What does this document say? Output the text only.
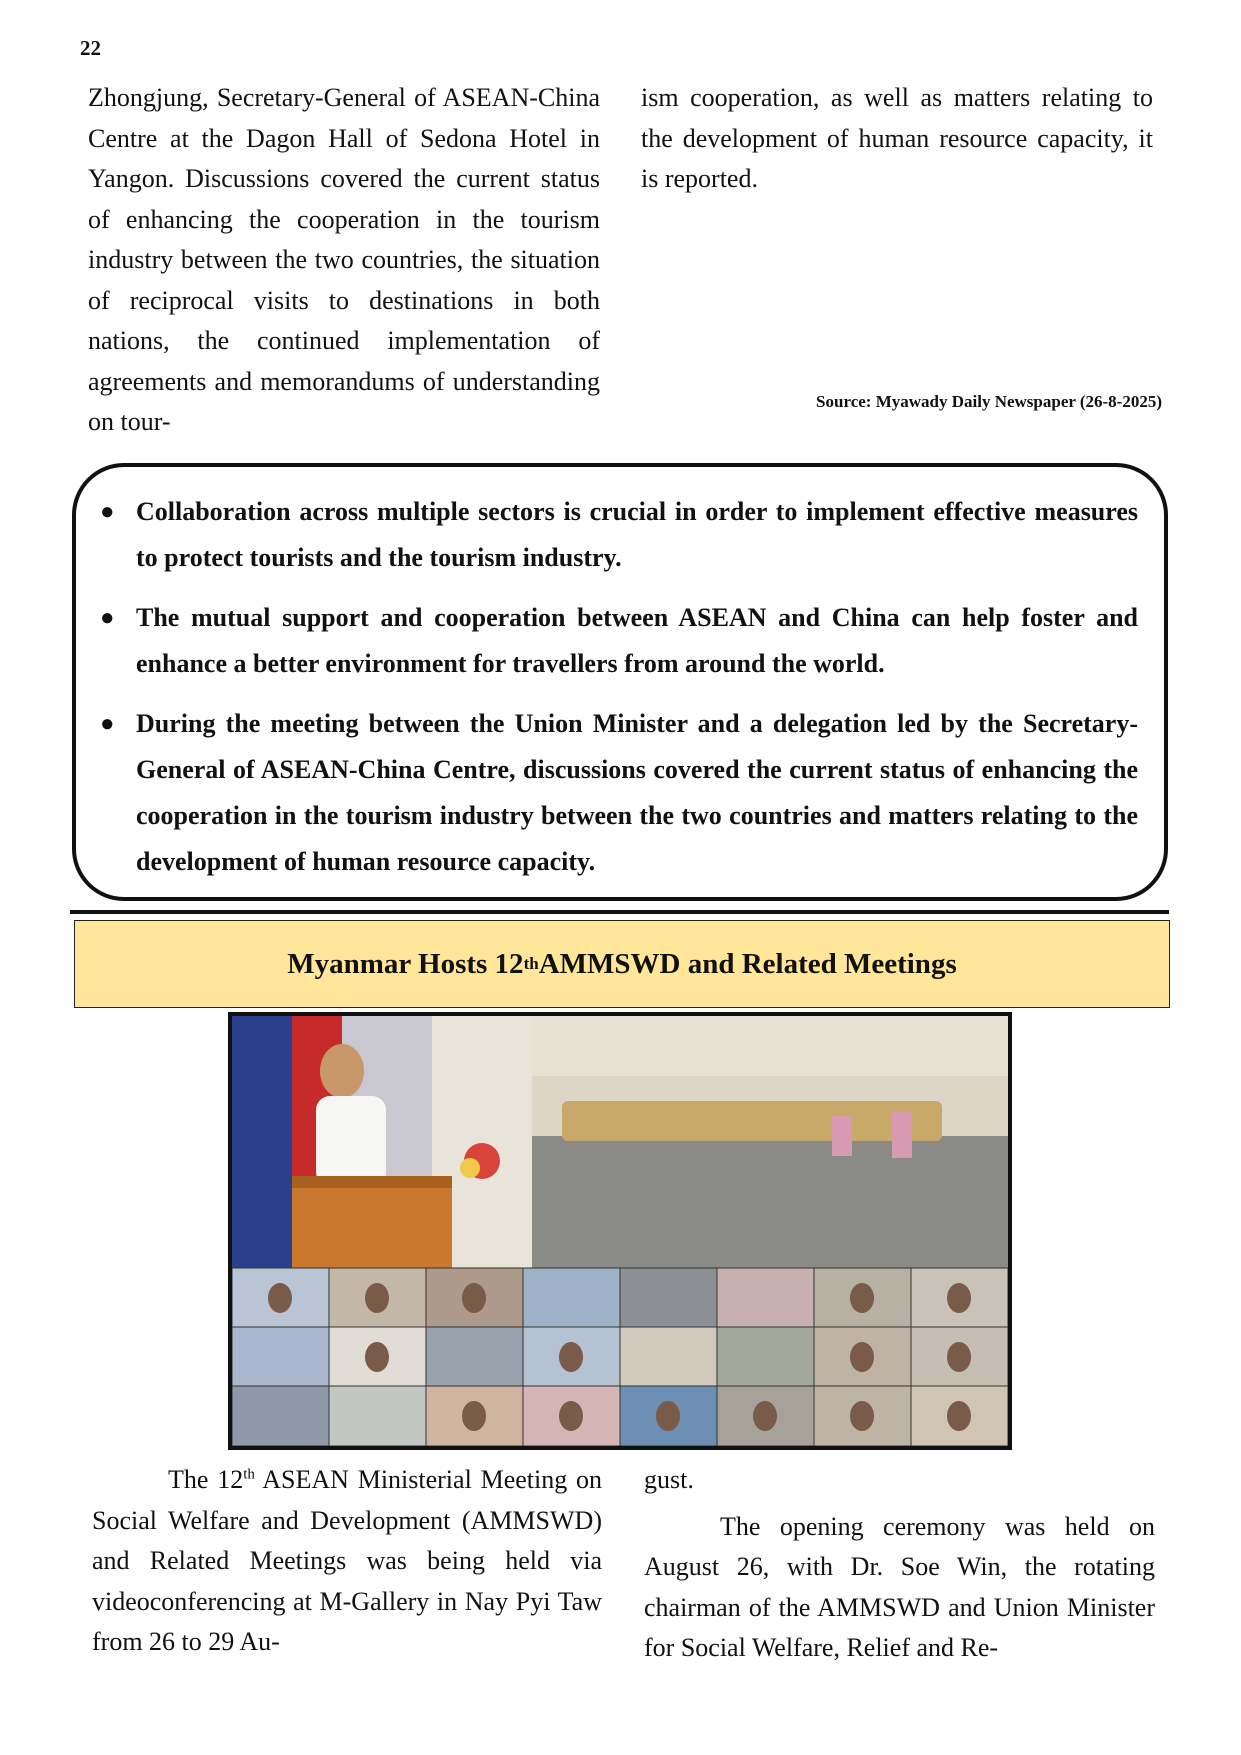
22

Zhongjung, Secretary-General of ASEAN-China Centre at the Dagon Hall of Sedona Hotel in Yangon. Discussions covered the current status of enhancing the cooperation in the tourism industry between the two countries, the situation of reciprocal visits to destinations in both nations, the continued implementation of agreements and memorandums of understanding on tour-

ism cooperation, as well as matters relating to the development of human resource capacity, it is reported.

Source: Myawady Daily Newspaper (26-8-2025)
● Collaboration across multiple sectors is crucial in order to implement effective measures to protect tourists and the tourism industry.
● The mutual support and cooperation between ASEAN and China can help foster and enhance a better environment for travellers from around the world.
● During the meeting between the Union Minister and a delegation led by the Secretary-General of ASEAN-China Centre, discussions covered the current status of enhancing the cooperation in the tourism industry between the two countries and matters relating to the development of human resource capacity.
Myanmar Hosts 12 th AMMSWD and Related Meetings

The 12th ASEAN Ministerial Meeting on Social Welfare and Development (AMMSWD) and Related Meetings was being held via videoconferencing at M-Gallery in Nay Pyi Taw from 26 to 29 Au-

gust.

The opening ceremony was held on August 26, with Dr. Soe Win, the rotating chairman of the AMMSWD and Union Minister for Social Welfare, Relief and Re-
